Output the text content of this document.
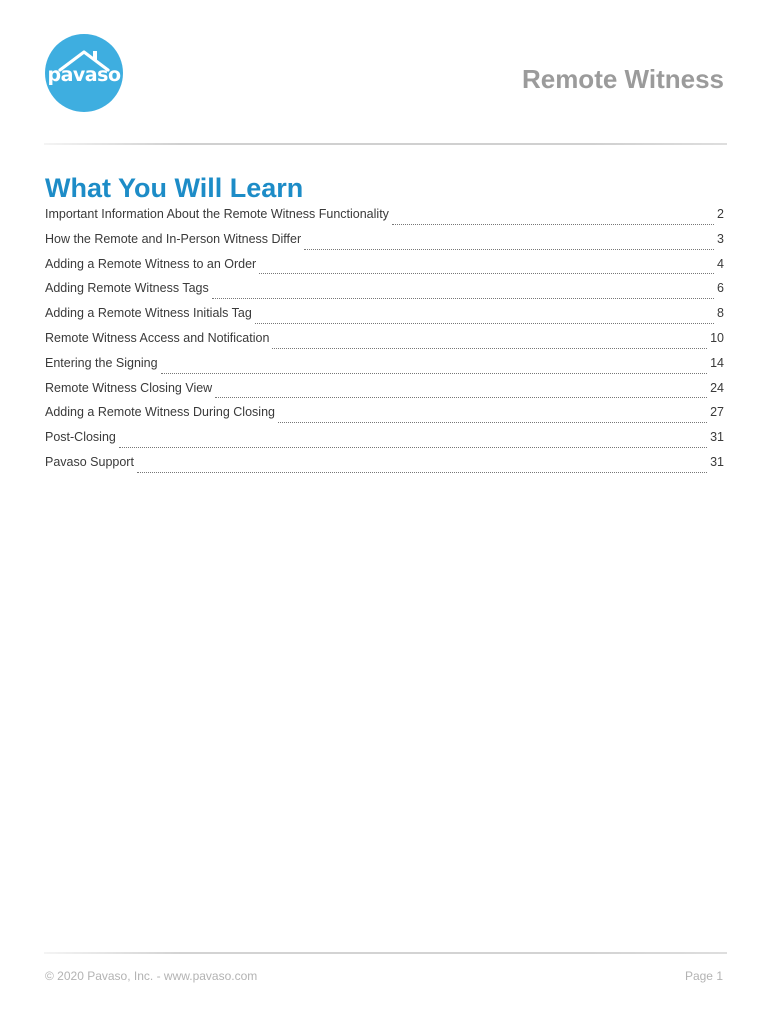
pavaso	Remote Witness
What You Will Learn
Important Information About the Remote Witness Functionality	2
How the Remote and In-Person Witness Differ	3
Adding a Remote Witness to an Order	4
Adding Remote Witness Tags	6
Adding a Remote Witness Initials Tag	8
Remote Witness Access and Notification	10
Entering the Signing	14
Remote Witness Closing View	24
Adding a Remote Witness During Closing	27
Post-Closing	31
Pavaso Support	31
© 2020 Pavaso, Inc. - www.pavaso.com	Page 1
